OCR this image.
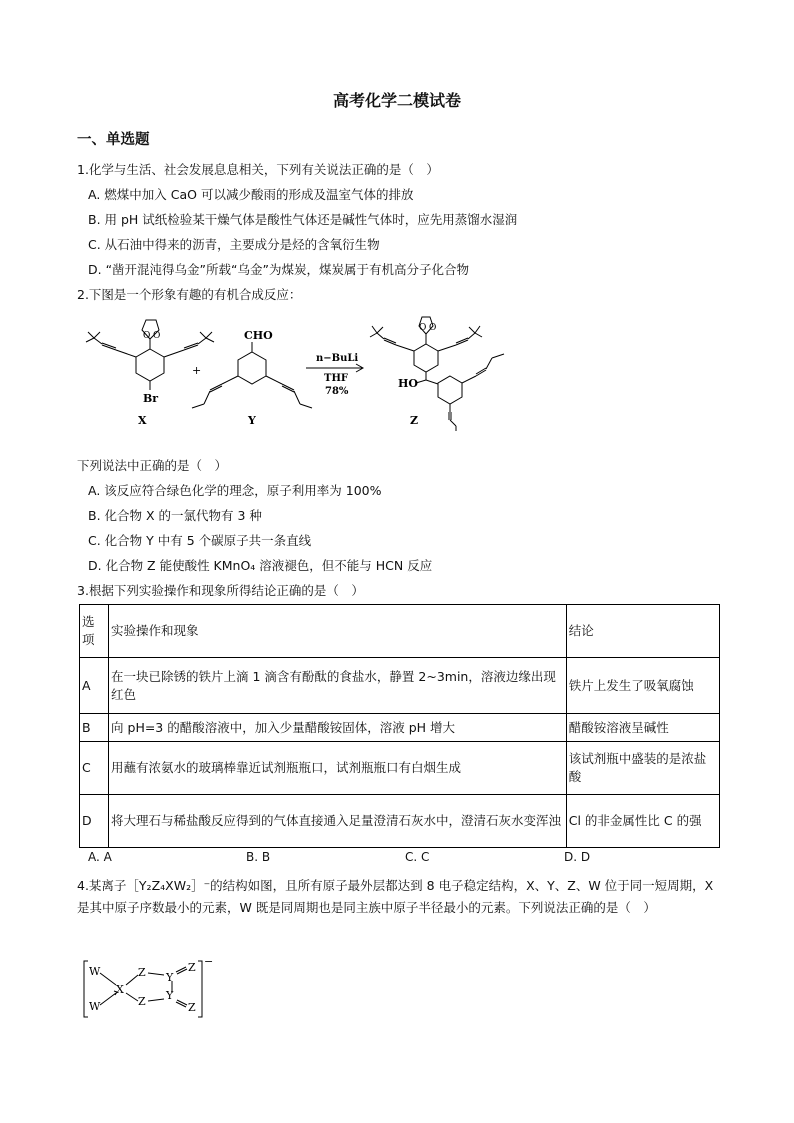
高考化学二模试卷
一、单选题
1.化学与生活、社会发展息息相关，下列有关说法正确的是（　）
A. 燃煤中加入 CaO 可以减少酸雨的形成及温室气体的排放
B. 用 pH 试纸检验某干燥气体是酸性气体还是碱性气体时，应先用蒸馏水湿润
C. 从石油中得来的沥青，主要成分是烃的含氧衍生物
D. “凿开混沌得乌金”所载“乌金”为煤炭，煤炭属于有机高分子化合物
2.下图是一个形象有趣的有机合成反应：
O O
Br
CHO
+
n−BuLi
THF
78%
O O
HO
X	Y	Z
下列说法中正确的是（　）
A. 该反应符合绿色化学的理念，原子利用率为 100%
B. 化合物 X 的一氯代物有 3 种
C. 化合物 Y 中有 5 个碳原子共一条直线
D. 化合物 Z 能使酸性 KMnO₄ 溶液褪色，但不能与 HCN 反应
3.根据下列实验操作和现象所得结论正确的是（　）
选项	实验操作和现象	结论
A	在一块已除锈的铁片上滴 1 滴含有酚酞的食盐水，静置 2~3min，溶液边缘出现红色	铁片上发生了吸氧腐蚀
B	向 pH=3 的醋酸溶液中，加入少量醋酸铵固体，溶液 pH 增大	醋酸铵溶液呈碱性
C	用蘸有浓氨水的玻璃棒靠近试剂瓶瓶口，试剂瓶瓶口有白烟生成	该试剂瓶中盛装的是浓盐酸
D	将大理石与稀盐酸反应得到的气体直接通入足量澄清石灰水中，澄清石灰水变浑浊	Cl 的非金属性比 C 的强
A. A	B. B	C. C	D. D
4.某离子［Y₂Z₄XW₂］⁻的结构如图，且所有原子最外层都达到 8 电子稳定结构，X、Y、Z、W 位于同一短周期，X 是其中原子序数最小的元素，W 既是同周期也是同主族中原子半径最小的元素。下列说法正确的是（　）
W
W
X
Z
Z
Y
Y
Z
Z
−
